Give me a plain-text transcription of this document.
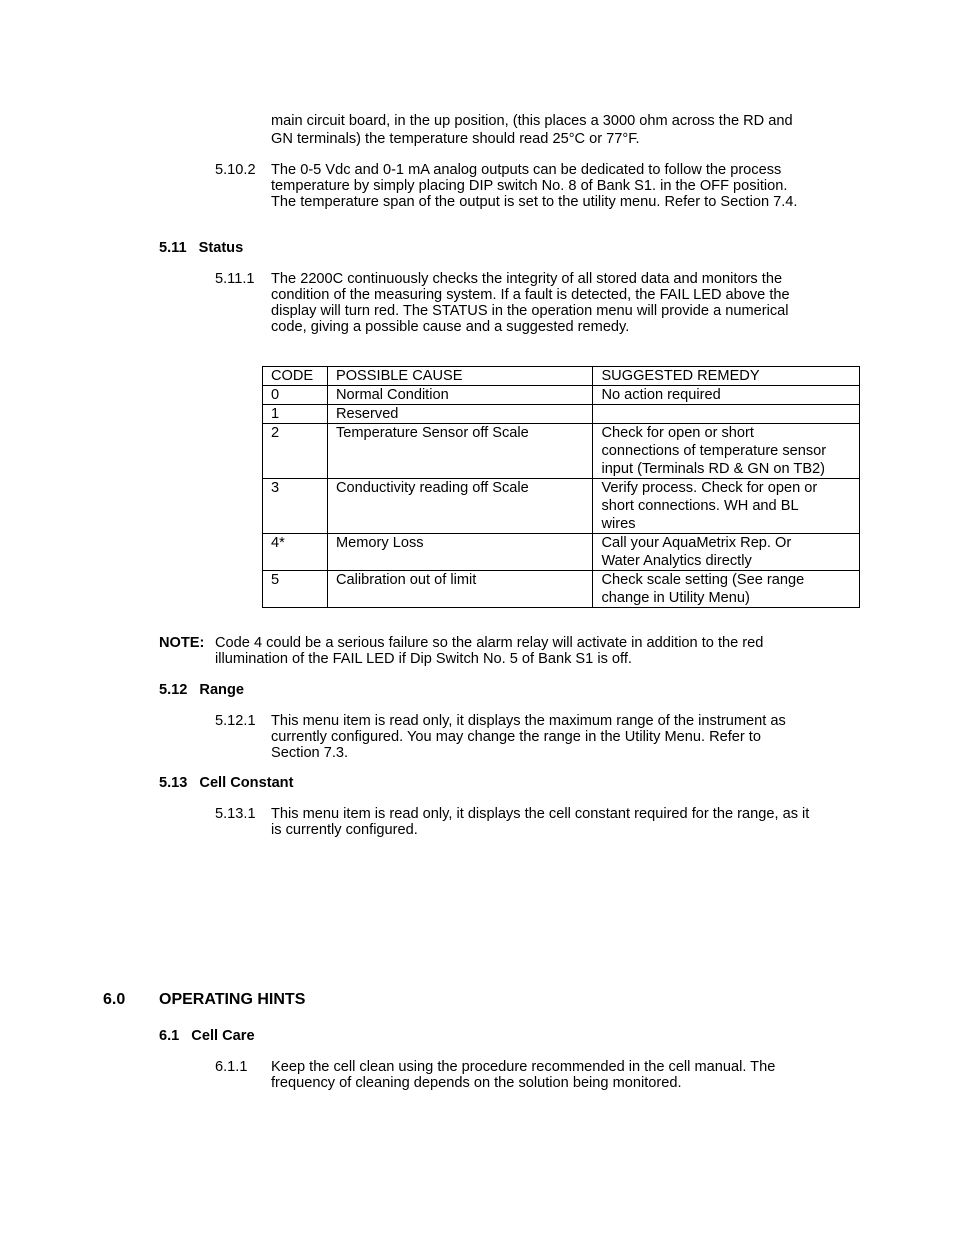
main circuit board, in the up position, (this places a 3000 ohm across the RD and
GN terminals) the temperature should read 25°C or 77°F.
5.10.2 The 0-5 Vdc and 0-1 mA analog outputs can be dedicated to follow the process
temperature by simply placing DIP switch No. 8 of Bank S1. in the OFF position.
The temperature span of the output is set to the utility menu. Refer to Section 7.4.
5.11 Status
5.11.1 The 2200C continuously checks the integrity of all stored data and monitors the
condition of the measuring system. If a fault is detected, the FAIL LED above the
display will turn red. The STATUS in the operation menu will provide a numerical
code, giving a possible cause and a suggested remedy.
CODE	POSSIBLE CAUSE	SUGGESTED REMEDY
0	Normal Condition	No action required

1	Reserved	
2	Temperature Sensor off Scale	Check for open or short
connections of temperature sensor
input (Terminals RD & GN on TB2)

3	Conductivity reading off Scale	Verify process. Check for open or
short connections. WH and BL
wires

4*	Memory Loss	Call your AquaMetrix Rep. Or
Water Analytics directly

5	Calibration out of limit	Check scale setting (See range
change in Utility Menu)
NOTE: Code 4 could be a serious failure so the alarm relay will activate in addition to the red
illumination of the FAIL LED if Dip Switch No. 5 of Bank S1 is off.
5.12 Range
5.12.1 This menu item is read only, it displays the maximum range of the instrument as
currently configured. You may change the range in the Utility Menu. Refer to
Section 7.3.
5.13 Cell Constant
5.13.1 This menu item is read only, it displays the cell constant required for the range, as it
is currently configured.
6.0 OPERATING HINTS
6.1 Cell Care
6.1.1 Keep the cell clean using the procedure recommended in the cell manual. The
frequency of cleaning depends on the solution being monitored.
